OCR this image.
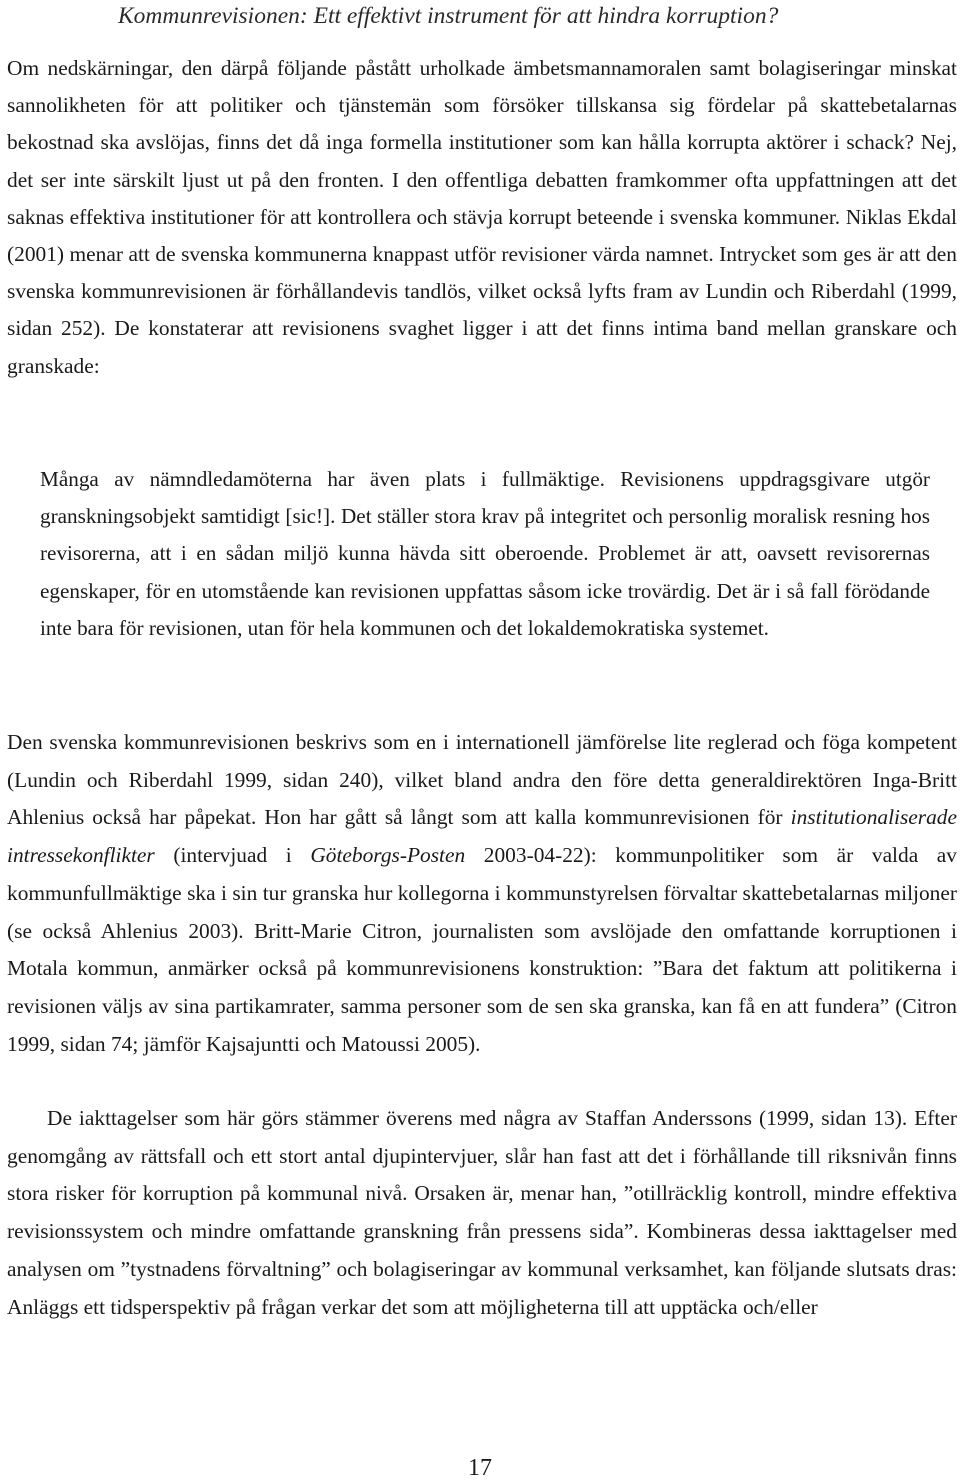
Kommunrevisionen: Ett effektivt instrument för att hindra korruption?

Om nedskärningar, den därpå följande påstått urholkade ämbetsmannamoralen samt bolagiseringar minskat sannolikheten för att politiker och tjänstemän som försöker tillskansa sig fördelar på skattebetalarnas bekostnad ska avslöjas, finns det då inga formella institutioner som kan hålla korrupta aktörer i schack? Nej, det ser inte särskilt ljust ut på den fronten. I den offentliga debatten framkommer ofta uppfattningen att det saknas effektiva institutioner för att kontrollera och stävja korrupt beteende i svenska kommuner. Niklas Ekdal (2001) menar att de svenska kommunerna knappast utför revisioner värda namnet. Intrycket som ges är att den svenska kommunrevisionen är förhållandevis tandlös, vilket också lyfts fram av Lundin och Riberdahl (1999, sidan 252). De konstaterar att revisionens svaghet ligger i att det finns intima band mellan granskare och granskade:

Många av nämndledamöterna har även plats i fullmäktige. Revisionens uppdragsgivare utgör granskningsobjekt samtidigt [sic!]. Det ställer stora krav på integritet och personlig moralisk resning hos revisorerna, att i en sådan miljö kunna hävda sitt oberoende. Problemet är att, oavsett revisorernas egenskaper, för en utomstående kan revisionen uppfattas såsom icke trovärdig. Det är i så fall förödande inte bara för revisionen, utan för hela kommunen och det lokaldemokratiska systemet.

Den svenska kommunrevisionen beskrivs som en i internationell jämförelse lite reglerad och föga kompetent (Lundin och Riberdahl 1999, sidan 240), vilket bland andra den före detta generaldirektören Inga-Britt Ahlenius också har påpekat. Hon har gått så långt som att kalla kommunrevisionen för institutionaliserade intressekonflikter (intervjuad i Göteborgs-Posten 2003-04-22): kommunpolitiker som är valda av kommunfullmäktige ska i sin tur granska hur kollegorna i kommunstyrelsen förvaltar skattebetalarnas miljoner (se också Ahlenius 2003). Britt-Marie Citron, journalisten som avslöjade den omfattande korruptionen i Motala kommun, anmärker också på kommunrevisionens konstruktion: ”Bara det faktum att politikerna i revisionen väljs av sina partikamrater, samma personer som de sen ska granska, kan få en att fundera” (Citron 1999, sidan 74; jämför Kajsajuntti och Matoussi 2005).

De iakttagelser som här görs stämmer överens med några av Staffan Anderssons (1999, sidan 13). Efter genomgång av rättsfall och ett stort antal djupintervjuer, slår han fast att det i förhållande till riksnivån finns stora risker för korruption på kommunal nivå. Orsaken är, menar han, ”otillräcklig kontroll, mindre effektiva revisionssystem och mindre omfattande granskning från pressens sida”. Kombineras dessa iakttagelser med analysen om ”tystnadens förvaltning” och bolagiseringar av kommunal verksamhet, kan följande slutsats dras: Anläggs ett tidsperspektiv på frågan verkar det som att möjligheterna till att upptäcka och/eller

17
